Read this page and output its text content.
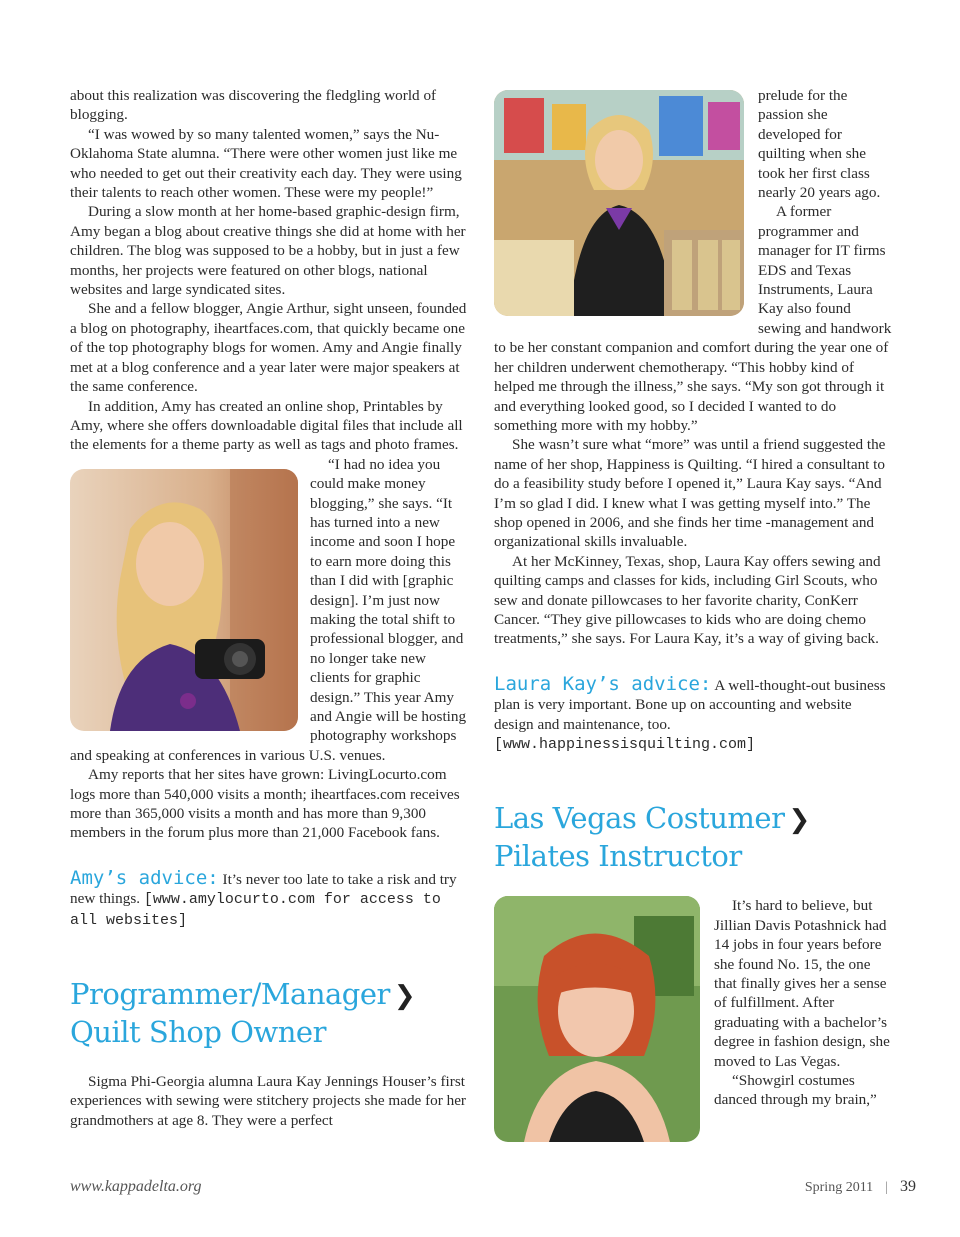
about this realization was discovering the fledgling world of blogging.

“I was wowed by so many talented women,” says the Nu-Oklahoma State alumna. “There were other women just like me who needed to get out their creativity each day. They were using their talents to reach other women. These were my people!”

During a slow month at her home-based graphic-design firm, Amy began a blog about creative things she did at home with her children. The blog was supposed to be a hobby, but in just a few months, her projects were featured on other blogs, national websites and large syndicated sites.

She and a fellow blogger, Angie Arthur, sight unseen, founded a blog on photography, iheartfaces.com, that quickly became one of the top photography blogs for women. Amy and Angie finally met at a blog conference and a year later were major speakers at the same conference.

In addition, Amy has created an online shop, Printables by Amy, where she offers downloadable digital files that include all the elements for a theme party as well as tags and photo frames.

“I had no idea you could make money blogging,” she says. “It has turned into a new income and soon I hope to earn more doing this than I did with [graphic design]. I’m just now making the total shift to professional blogger, and no longer take new clients for graphic design.” This year Amy and Angie will be hosting photography workshops and speaking at conferences in various U.S. venues.

Amy reports that her sites have grown: LivingLocurto.com logs more than 540,000 visits a month; iheartfaces.com receives more than 365,000 visits a month and has more than 9,300 members in the forum plus more than 21,000 Facebook fans.

Amy’s advice: It’s never too late to take a risk and try new things. [www.amylocurto.com for access to all websites]
Programmer/Manager ❯
Quilt Shop Owner

Sigma Phi-Georgia alumna Laura Kay Jennings Houser’s first experiences with sewing were stitchery projects she made for her grandmothers at age 8. They were a perfect

prelude for the passion she developed for quilting when she took her first class nearly 20 years ago.

A former programmer and manager for IT firms EDS and Texas Instruments, Laura Kay also found sewing and handwork to be her constant companion and comfort during the year one of her children underwent chemotherapy. “This hobby kind of helped me through the illness,” she says. “My son got through it and everything looked good, so I decided I wanted to do something more with my hobby.”

She wasn’t sure what “more” was until a friend suggested the name of her shop, Happiness is Quilting. “I hired a consultant to do a feasibility study before I opened it,” Laura Kay says. “And I’m so glad I did. I knew what I was getting myself into.” The shop opened in 2006, and she finds her time -management and organizational skills invaluable.

At her McKinney, Texas, shop, Laura Kay offers sewing and quilting camps and classes for kids, including Girl Scouts, who sew and donate pillowcases to her favorite charity, ConKerr Cancer. “They give pillowcases to kids who are doing chemo treatments,” she says. For Laura Kay, it’s a way of giving back.

Laura Kay’s advice: A well-thought-out business plan is very important. Bone up on accounting and website design and maintenance, too.
[www.happinessisquilting.com]
Las Vegas Costumer ❯
Pilates Instructor

It’s hard to believe, but Jillian Davis Potashnick had 14 jobs in four years before she found No. 15, the one that finally gives her a sense of fulfillment. After graduating with a bachelor’s degree in fashion design, she moved to Las Vegas.

“Showgirl costumes danced through my brain,”

www.kappadelta.org	Spring 2011 | 39
